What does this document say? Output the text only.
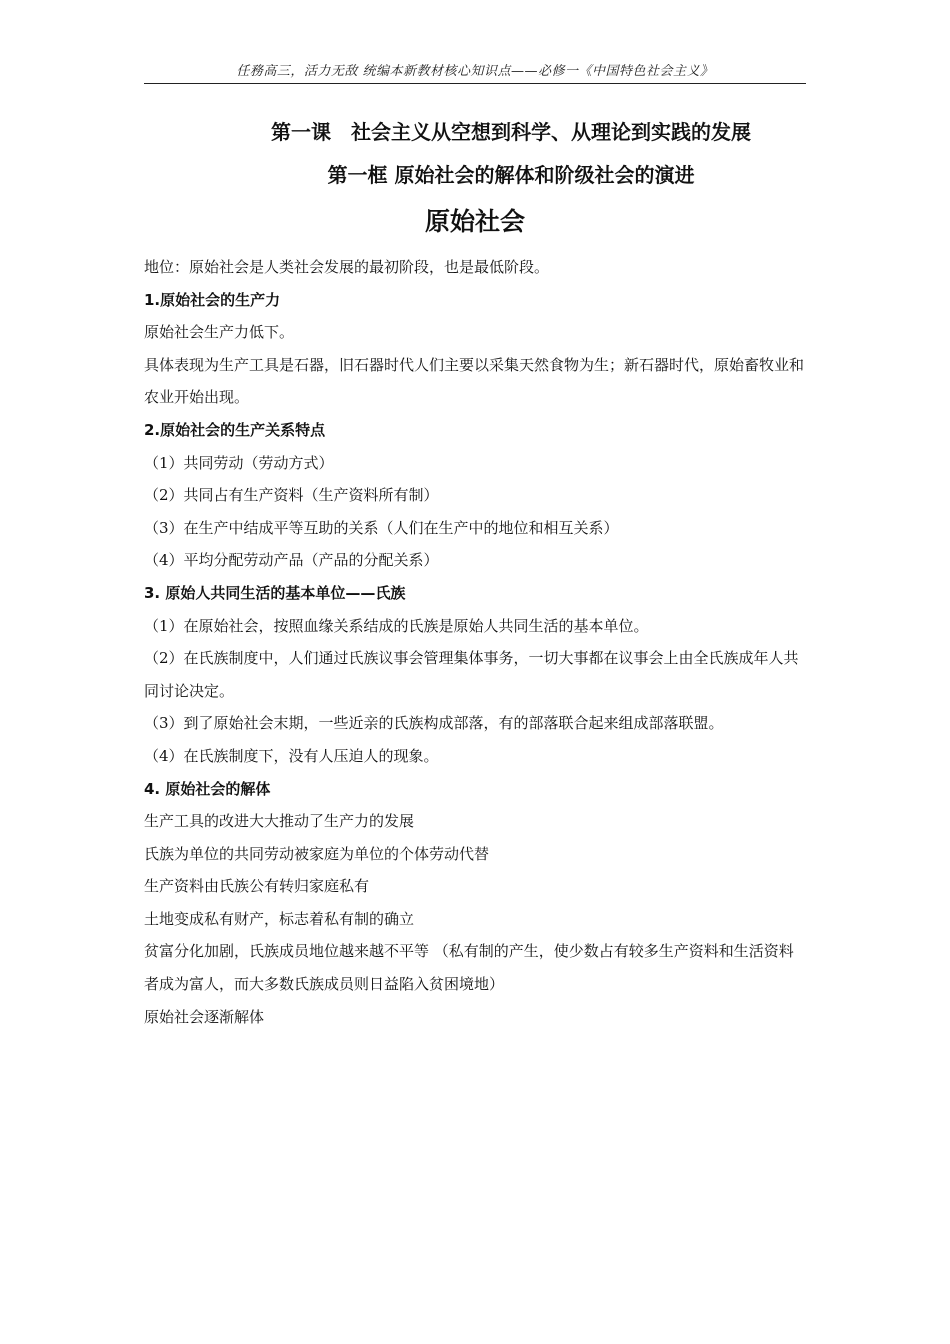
任務高三，活力无敌 统编本新教材核心知识点——必修一《中国特色社会主义》
第一课　社会主义从空想到科学、从理论到实践的发展
第一框 原始社会的解体和阶级社会的演进
原始社会

地位：原始社会是人类社会发展的最初阶段，也是最低阶段。

1.原始社会的生产力

原始社会生产力低下。

具体表现为生产工具是石器，旧石器时代人们主要以采集天然食物为生；新石器时代，原始畜牧业和农业开始出现。

2.原始社会的生产关系特点

（1）共同劳动（劳动方式）

（2）共同占有生产资料（生产资料所有制）

（3）在生产中结成平等互助的关系（人们在生产中的地位和相互关系）

（4）平均分配劳动产品（产品的分配关系）

3. 原始人共同生活的基本单位——氏族

（1）在原始社会，按照血缘关系结成的氏族是原始人共同生活的基本单位。

（2）在氏族制度中，人们通过氏族议事会管理集体事务，一切大事都在议事会上由全氏族成年人共同讨论决定。

（3）到了原始社会末期，一些近亲的氏族构成部落，有的部落联合起来组成部落联盟。

（4）在氏族制度下，没有人压迫人的现象。

4. 原始社会的解体

生产工具的改进大大推动了生产力的发展

氏族为单位的共同劳动被家庭为单位的个体劳动代替

生产资料由氏族公有转归家庭私有

土地变成私有财产，标志着私有制的确立

贫富分化加剧，氏族成员地位越来越不平等 （私有制的产生，使少数占有较多生产资料和生活资料者成为富人，而大多数氏族成员则日益陷入贫困境地）

原始社会逐渐解体
